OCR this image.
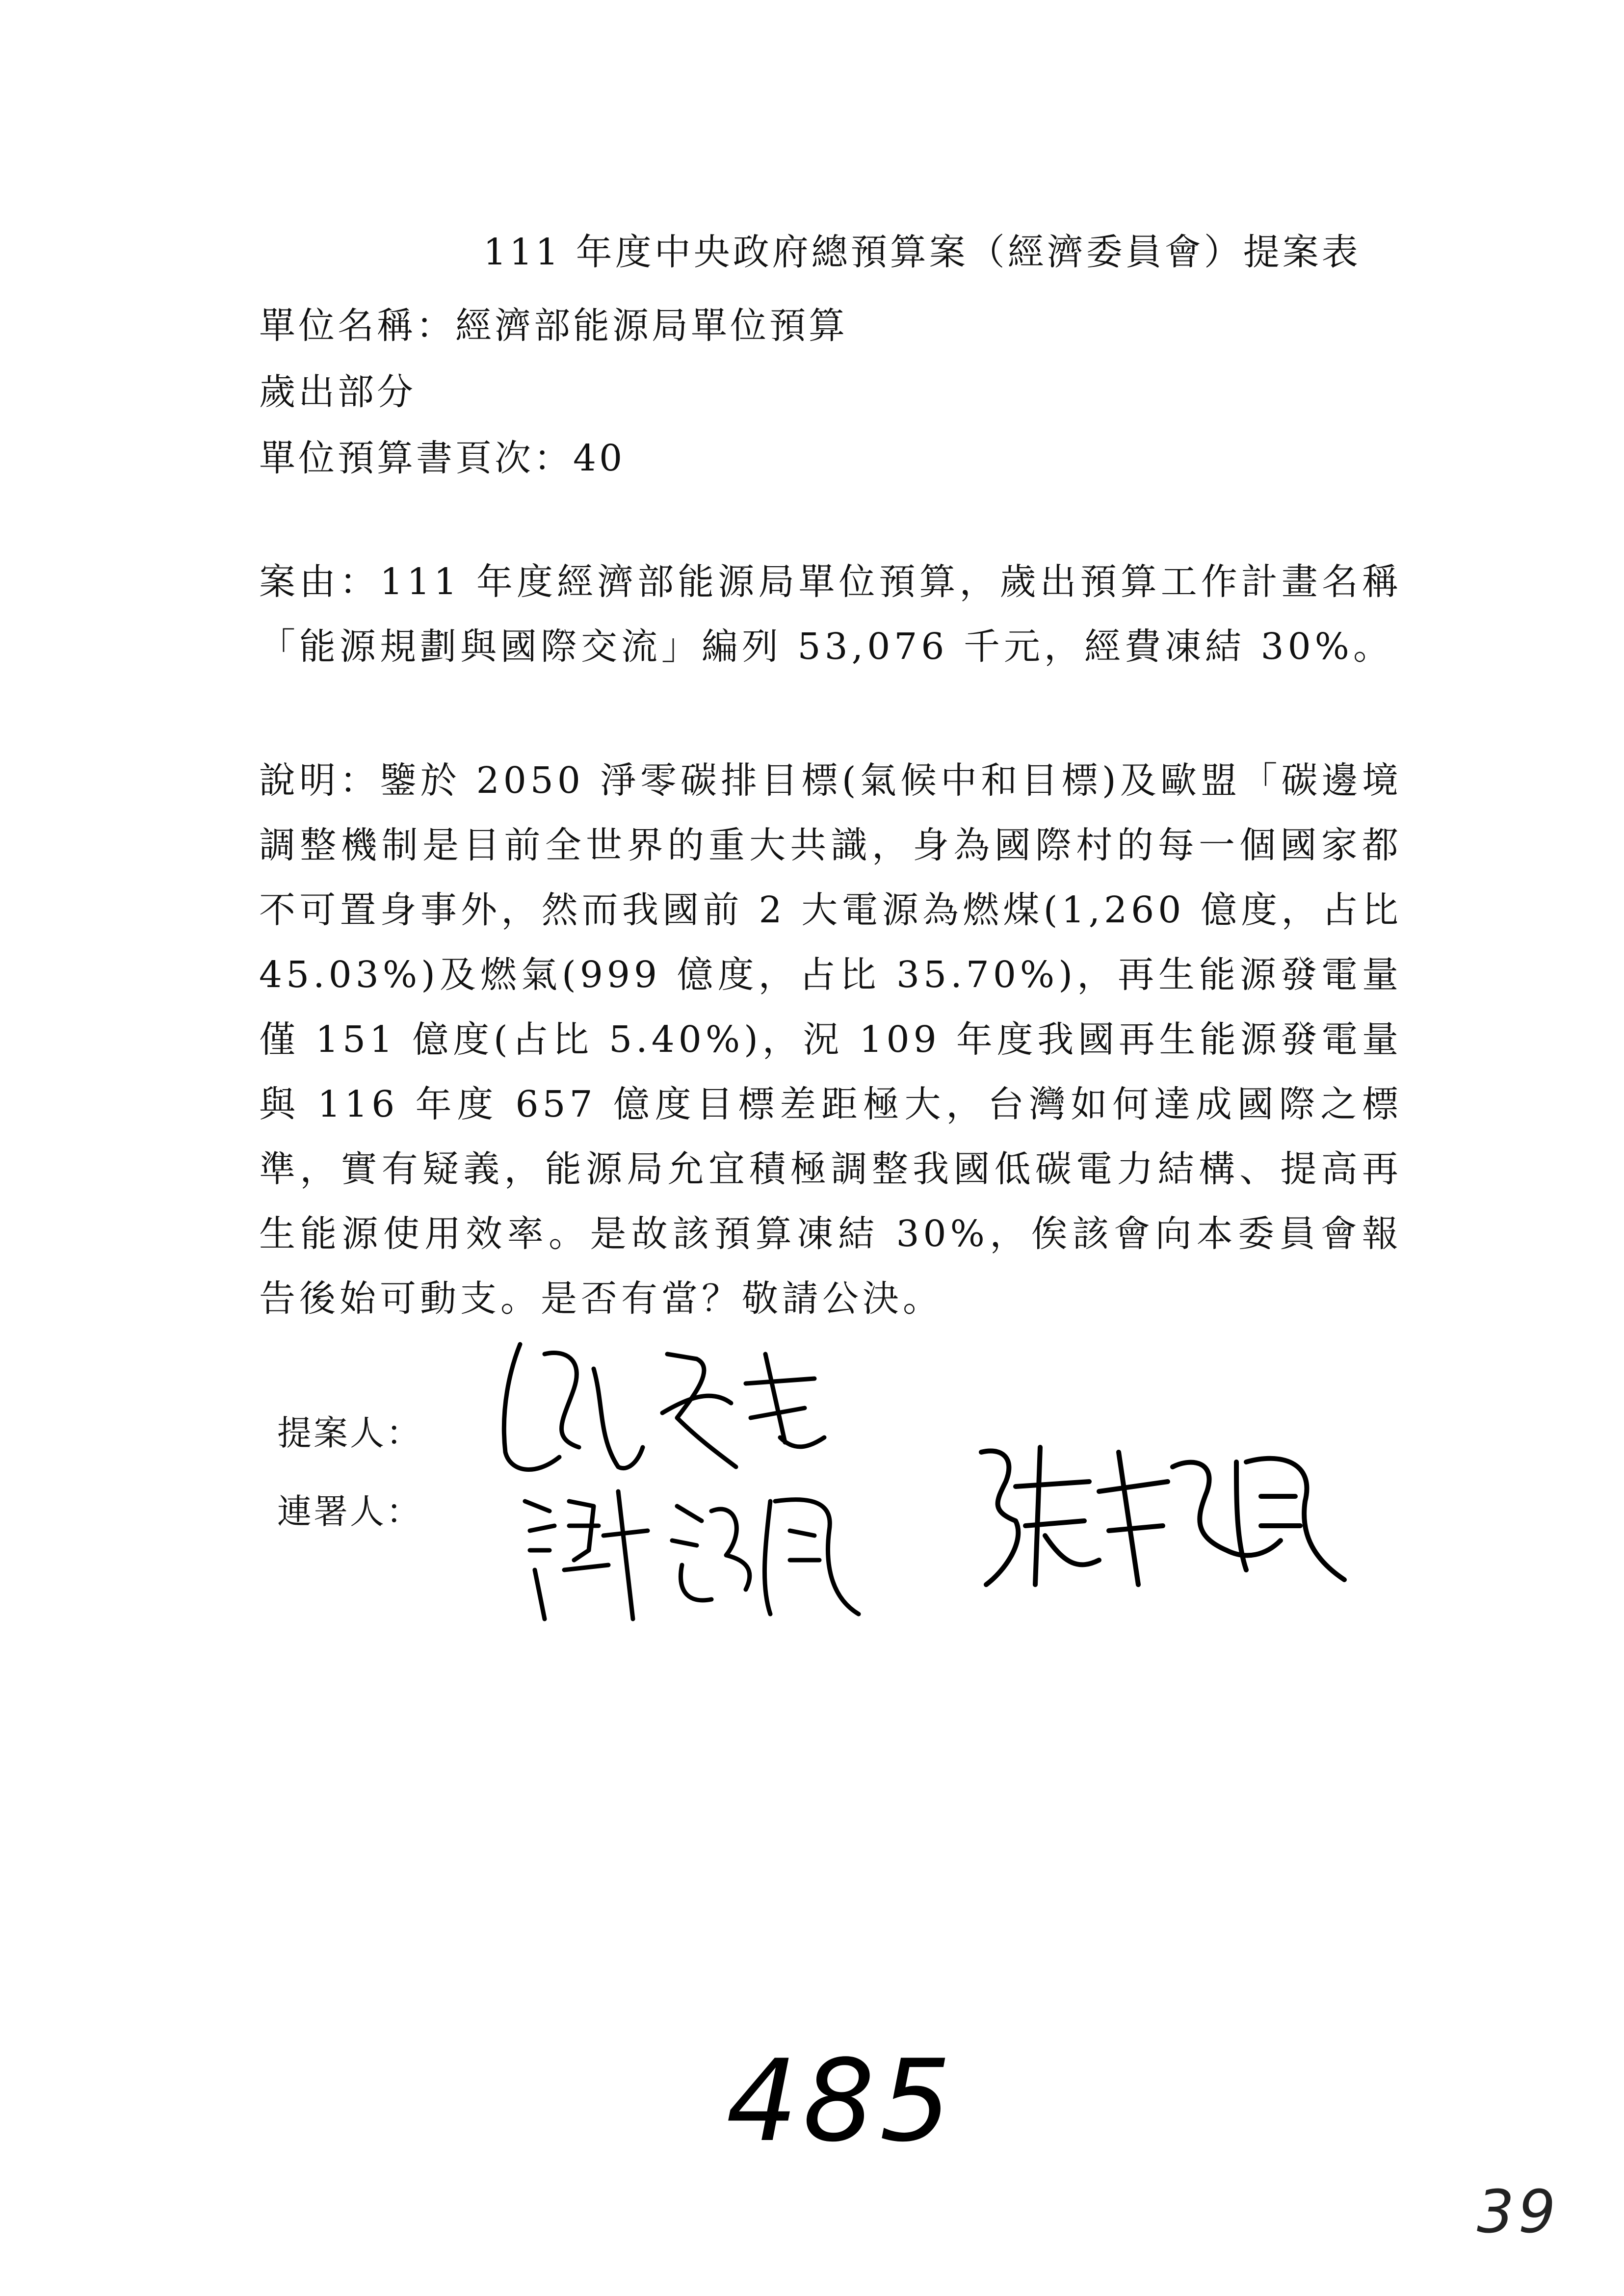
111 年度中央政府總預算案（經濟委員會）提案表
單位名稱：經濟部能源局單位預算
歲出部分
單位預算書頁次：40
案由：111 年度經濟部能源局單位預算，歲出預算工作計畫名稱「能源規劃與國際交流」編列 53,076 千元，經費凍結 30%。
說明：鑒於 2050 淨零碳排目標(氣候中和目標)及歐盟「碳邊境調整機制是目前全世界的重大共識，身為國際村的每一個國家都不可置身事外，然而我國前 2 大電源為燃煤(1,260 億度，占比 45.03%)及燃氣(999 億度，占比 35.70%)，再生能源發電量僅 151 億度(占比 5.40%)，況 109 年度我國再生能源發電量與 116 年度 657 億度目標差距極大，台灣如何達成國際之標準，實有疑義，能源局允宜積極調整我國低碳電力結構、提高再生能源使用效率。是故該預算凍結 30%，俟該會向本委員會報告後始可動支。是否有當？敬請公決。
提案人：
連署人：
485
39
